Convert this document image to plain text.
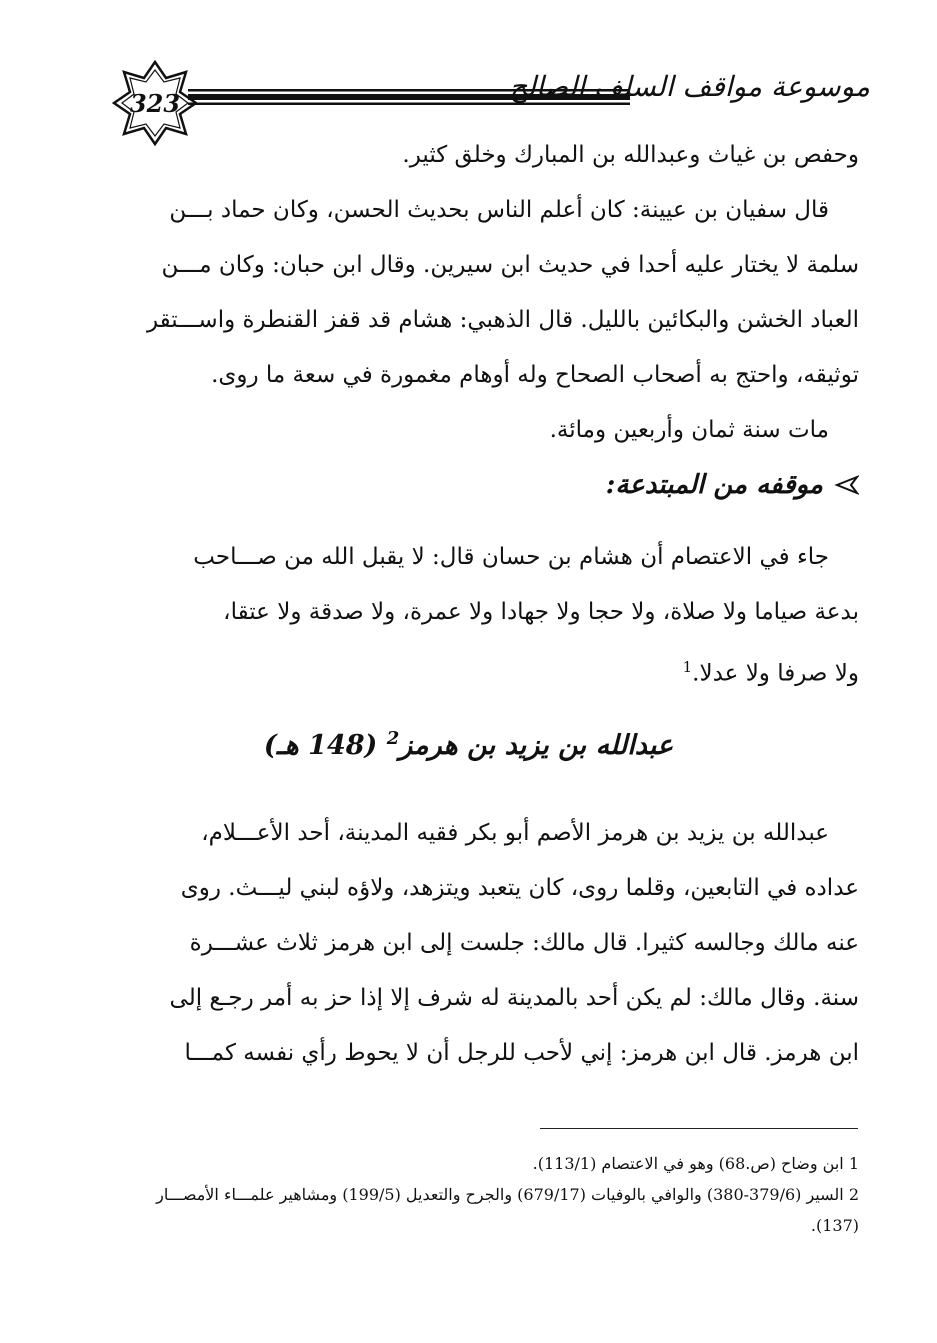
323	موسوعة مواقف السلف الصالح
وحفص بن غياث وعبدالله بن المبارك وخلق كثير.
قال سفيان بن عيينة: كان أعلم الناس بحديث الحسن، وكان حماد بـــن
سلمة لا يختار عليه أحدا في حديث ابن سيرين. وقال ابن حبان: وكان مـــن
العباد الخشن والبكائين بالليل. قال الذهبي: هشام قد قفز القنطرة واســـتقر
توثيقه، واحتج به أصحاب الصحاح وله أوهام مغمورة في سعة ما روى.
مات سنة ثمان وأربعين ومائة.
موقفه من المبتدعة:
جاء في الاعتصام أن هشام بن حسان قال: لا يقبل الله من صـــاحب
بدعة صياما ولا صلاة، ولا حجا ولا جهادا ولا عمرة، ولا صدقة ولا عتقا،
ولا صرفا ولا عدلا.$^1$
عبدالله بن يزيد بن هرمز$^2$ (148 هـ)
عبدالله بن يزيد بن هرمز الأصم أبو بكر فقيه المدينة، أحد الأعـــلام،
عداده في التابعين، وقلما روى، كان يتعبد ويتزهد، ولاؤه لبني ليـــث. روى
عنه مالك وجالسه كثيرا. قال مالك: جلست إلى ابن هرمز ثلاث عشـــرة
سنة. وقال مالك: لم يكن أحد بالمدينة له شرف إلا إذا حز به أمر رجـع إلى
ابن هرمز. قال ابن هرمز: إني لأحب للرجل أن لا يحوط رأي نفسه كمـــا
1 ابن وضاح (ص.68) وهو في الاعتصام (113/1).
2 السير (379/6-380) والوافي بالوفيات (679/17) والجرح والتعديل (199/5) ومشاهير علمـــاء الأمصـــار
(137).
